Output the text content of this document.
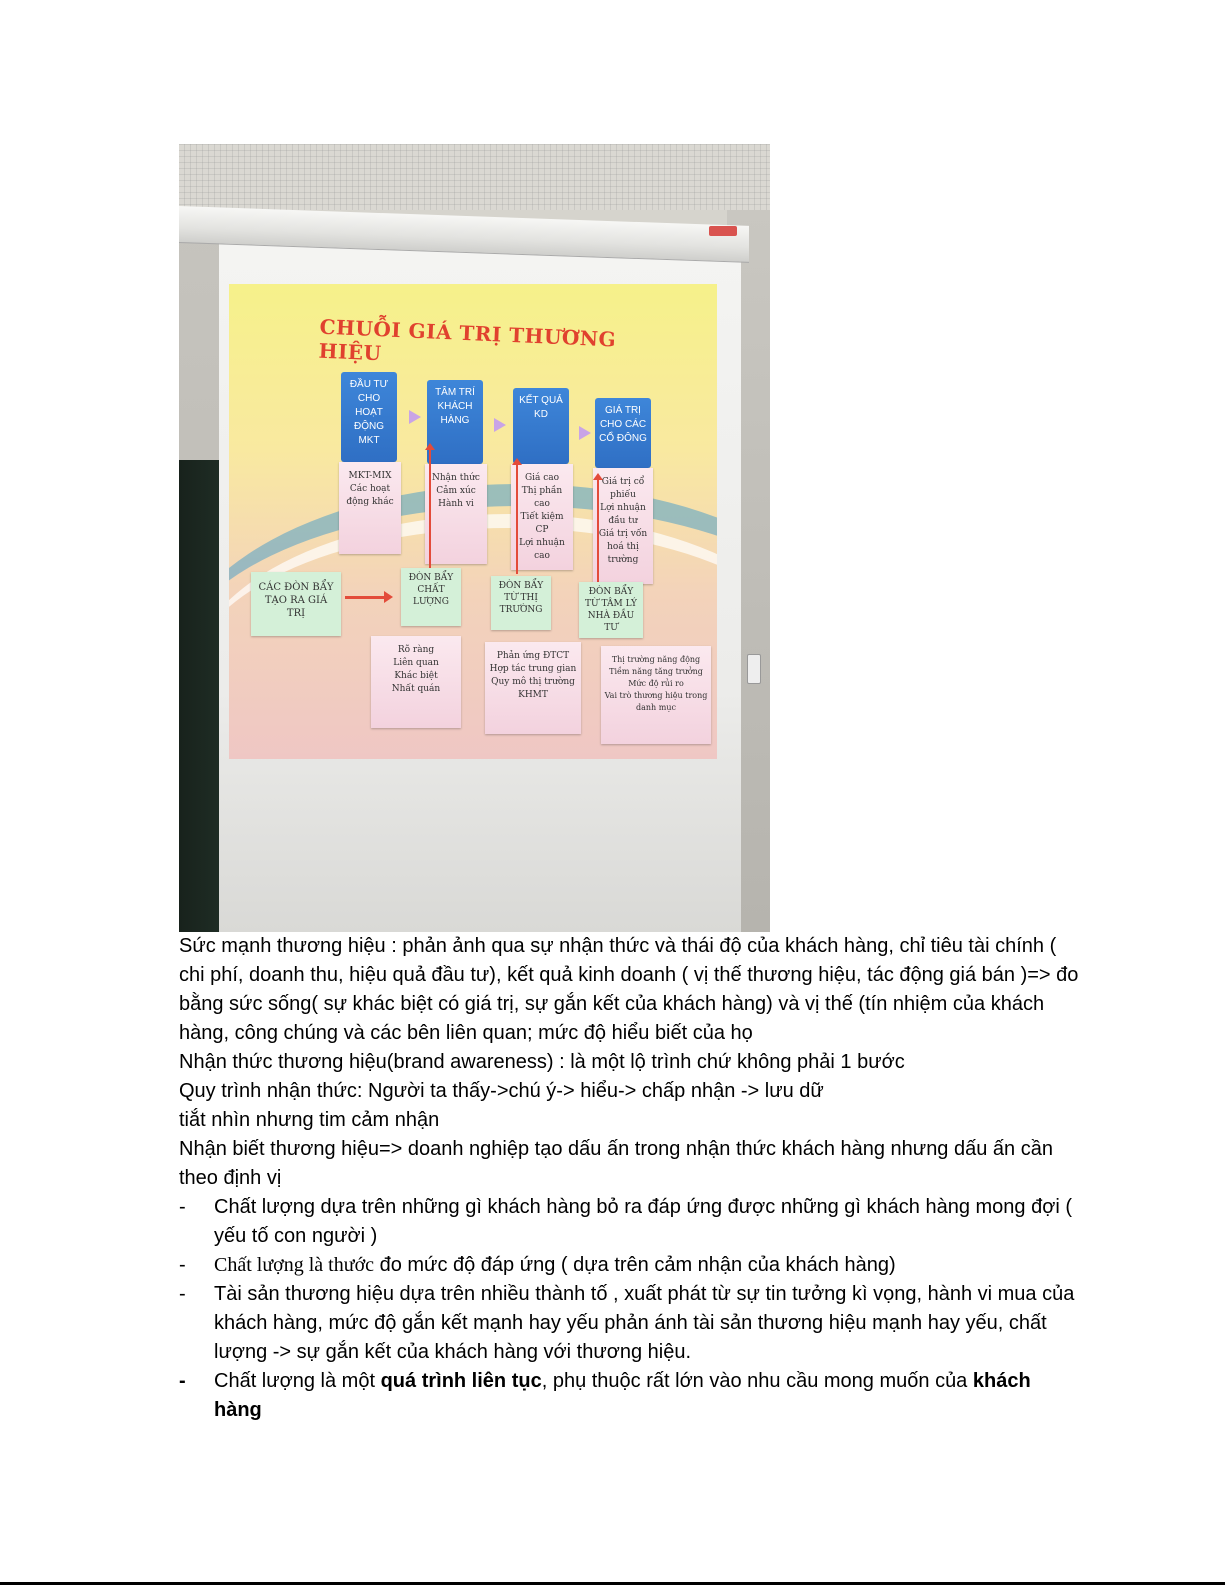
CHUỖI GIÁ TRỊ THƯƠNG HIỆU
ĐẦU TƯ CHO HOẠT ĐỘNG MKT
TÂM TRÍ KHÁCH HÀNG
KẾT QUẢ KD	GIÁ TRỊ CHO CÁC CỔ ĐÔNG
MKT-MIX
Các hoạt
động khác
Nhận thức
Cảm xúc
Hành vi
Giá cao
Thị phần cao
Tiết kiệm CP
Lợi nhuận
cao
Giá trị cổ
phiếu
Lợi nhuận
đầu tư
Giá trị vốn
hoá thị
trường
CÁC ĐÒN BẨY TẠO RA GIÁ TRỊ
ĐÒN BẨY CHẤT LƯỢNG
ĐÒN BẨY TỪ THỊ TRƯỜNG
ĐÒN BẨY TỪ TÂM LÝ NHÀ ĐẦU TƯ
Rõ ràng
Liên quan
Khác biệt
Nhất quán
Phản ứng ĐTCT
Hợp tác trung gian
Quy mô thị trường
KHMT
Thị trường năng động
Tiềm năng tăng trưởng
Mức độ rủi ro
Vai trò thương hiệu trong
danh mục

Sức mạnh thương hiệu : phản ảnh qua sự nhận thức và thái độ của khách hàng, chỉ tiêu tài chính ( chi phí, doanh thu, hiệu quả đầu tư), kết quả kinh doanh ( vị thế thương hiệu, tác động giá bán )=> đo bằng sức sống( sự khác biệt có giá trị, sự gắn kết của khách hàng) và vị thế (tín nhiệm của khách hàng, công chúng và các bên liên quan; mức độ hiểu biết của họ

Nhận thức thương hiệu(brand awareness) : là một lộ trình chứ không phải 1 bước

Quy trình nhận thức: Người ta thấy->chú ý-> hiểu-> chấp nhận -> lưu dữ

tiắt nhìn nhưng tim cảm nhận

Nhận biết thương hiệu=> doanh nghiệp tạo dấu ấn trong nhận thức khách hàng nhưng dấu ấn cần theo định vị

- Chất lượng dựa trên những gì khách hàng bỏ ra đáp ứng được những gì khách hàng mong đợi ( yếu tố con người )
- Chất lượng là thước đo mức độ đáp ứng ( dựa trên cảm nhận của khách hàng)
- Tài sản thương hiệu dựa trên nhiều thành tố , xuất phát từ sự tin tưởng kì vọng, hành vi mua của khách hàng, mức độ gắn kết mạnh hay yếu phản ánh tài sản thương hiệu mạnh hay yếu, chất lượng -> sự gắn kết của khách hàng với thương hiệu.
- Chất lượng là một quá trình liên tục, phụ thuộc rất lớn vào nhu cầu mong muốn của khách hàng
